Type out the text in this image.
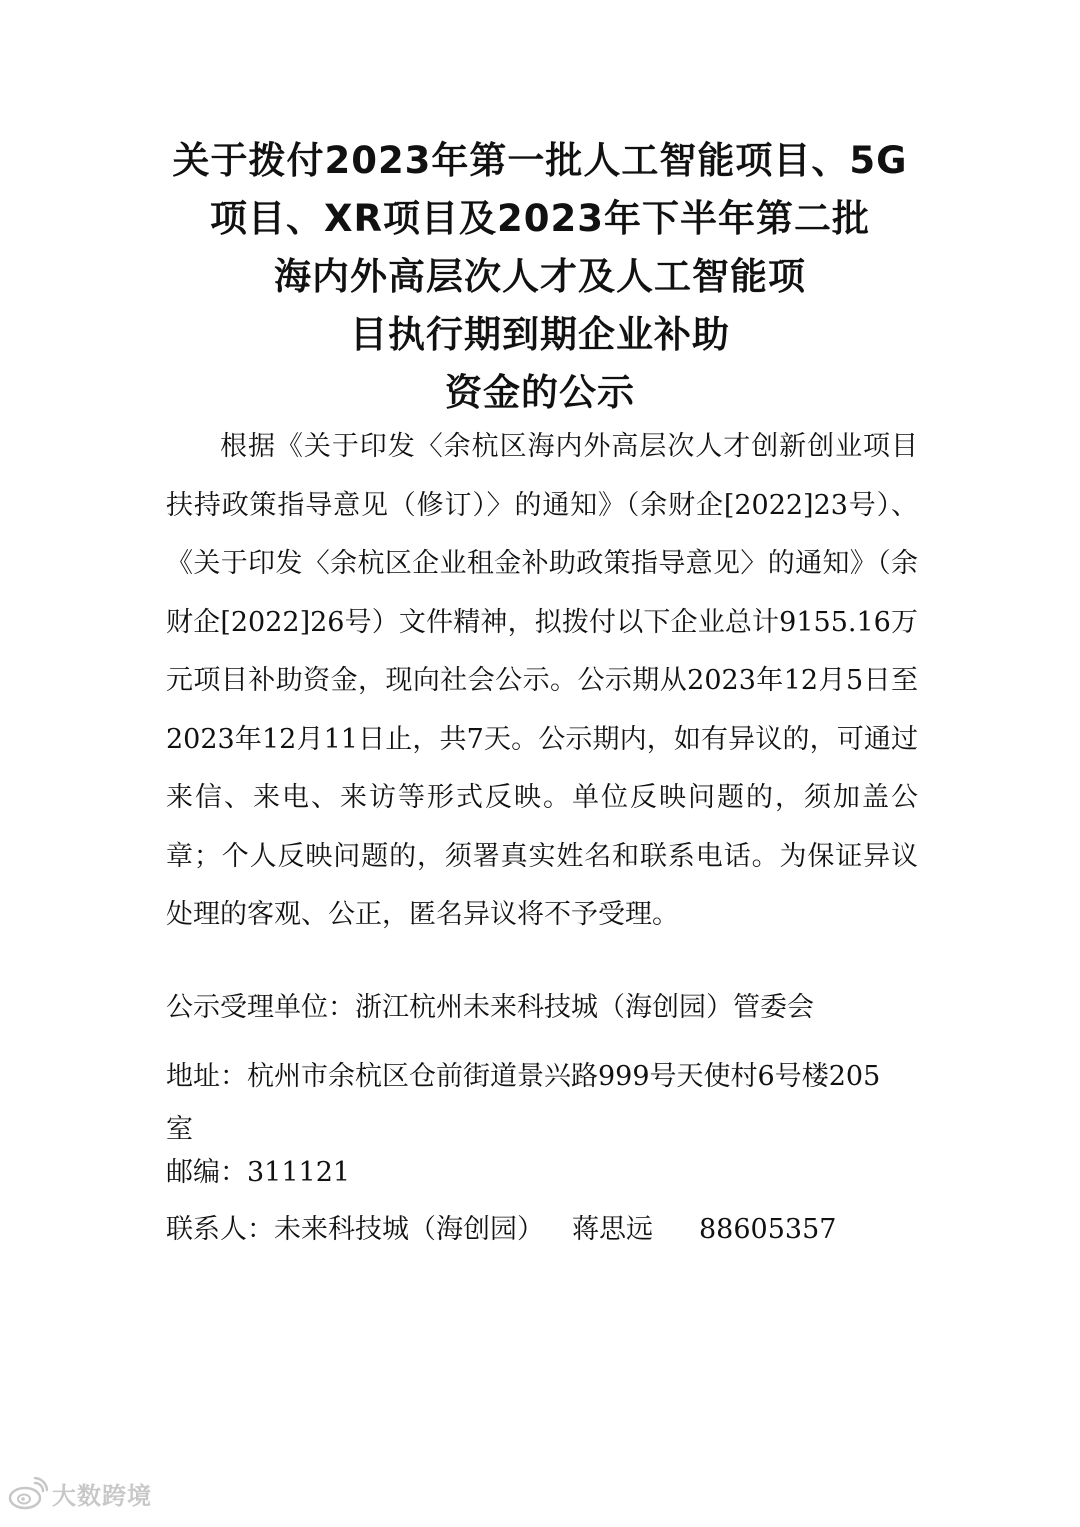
关于拨付2023年第一批人工智能项目、5G
项目、XR项目及2023年下半年第二批
海内外高层次人才及人工智能项
目执行期到期企业补助
资金的公示

根据《关于印发〈余杭区海内外高层次人才创新创业项目扶持政策指导意见（修订）〉的通知》（余财企[2022]23号）、《关于印发〈余杭区企业租金补助政策指导意见〉的通知》（余财企[2022]26号）文件精神，拟拨付以下企业总计9155.16万元项目补助资金，现向社会公示。公示期从2023年12月5日至2023年12月11日止，共7天。公示期内，如有异议的，可通过来信、来电、来访等形式反映。单位反映问题的，须加盖公章；个人反映问题的，须署真实姓名和联系电话。为保证异议处理的客观、公正，匿名异议将不予受理。

公示受理单位：浙江杭州未来科技城（海创园）管委会

地址：杭州市余杭区仓前街道景兴路999号天使村6号楼205室

邮编：311121

联系人：未来科技城（海创园） 蒋思远 88605357
大数跨境
